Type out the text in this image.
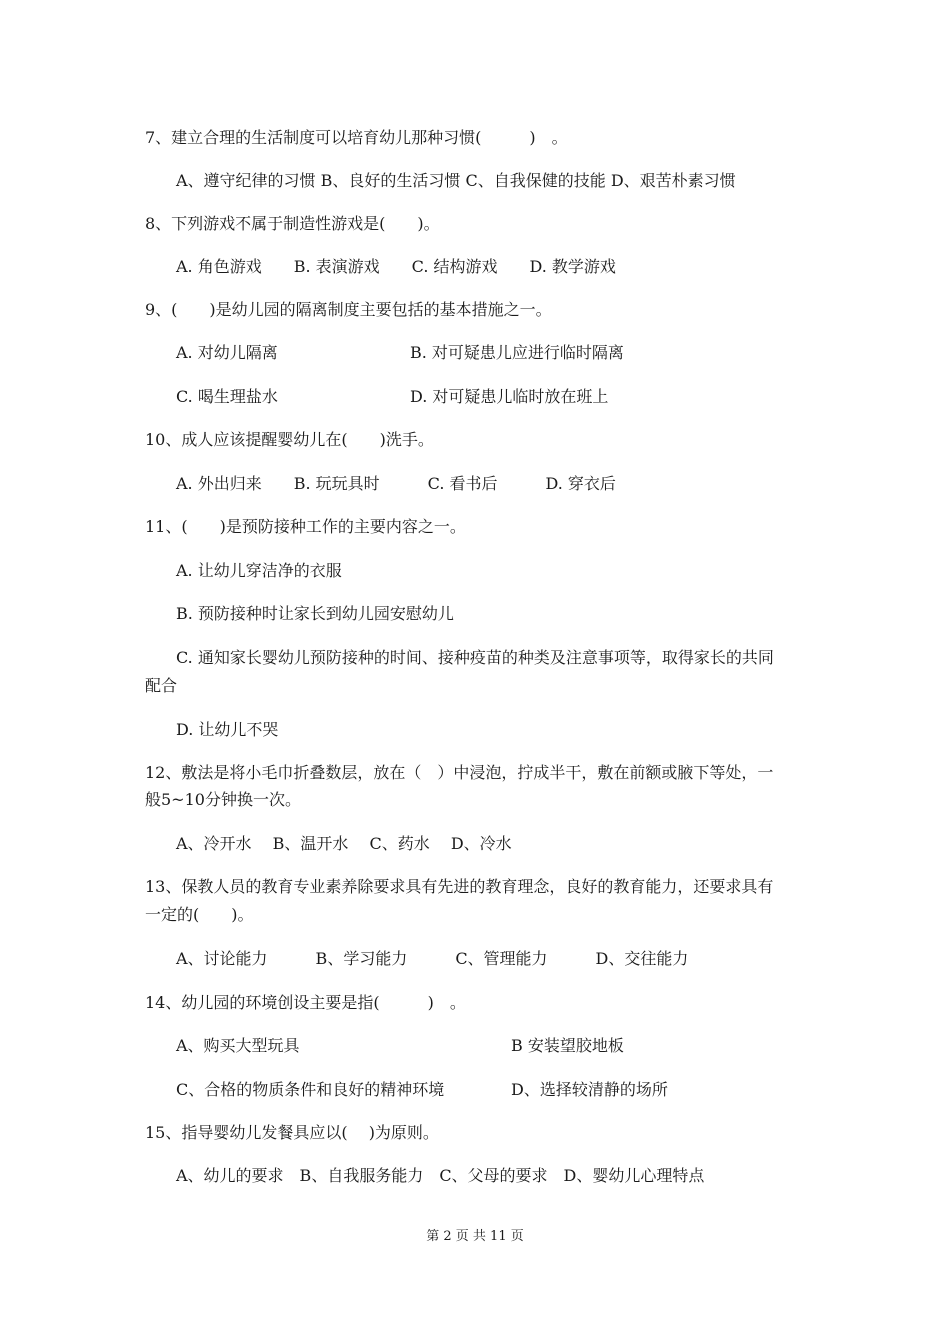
7、建立合理的生活制度可以培育幼儿那种习惯(　　　)　。
A、遵守纪律的习惯 B、良好的生活习惯 C、自我保健的技能 D、艰苦朴素习惯
8、下列游戏不属于制造性游戏是(　　)。
A. 角色游戏　　B. 表演游戏　　C. 结构游戏　　D. 教学游戏
9、(　　)是幼儿园的隔离制度主要包括的基本措施之一。
A. 对幼儿隔离	B. 对可疑患儿应进行临时隔离
C. 喝生理盐水	D. 对可疑患儿临时放在班上
10、成人应该提醒婴幼儿在(　　)洗手。
A. 外出归来　　B. 玩玩具时　　　C. 看书后　　　D. 穿衣后
11、(　　)是预防接种工作的主要内容之一。
A. 让幼儿穿洁净的衣服
B. 预防接种时让家长到幼儿园安慰幼儿
C. 通知家长婴幼儿预防接种的时间、接种疫苗的种类及注意事项等，取得家长的共同
配合
D. 让幼儿不哭
12、敷法是将小毛巾折叠数层，放在（　）中浸泡，拧成半干，敷在前额或腋下等处，一
般5~10分钟换一次。
A、冷开水　 B、温开水　 C、药水　 D、冷水
13、保教人员的教育专业素养除要求具有先进的教育理念，良好的教育能力，还要求具有
一定的(　　)。
A、讨论能力　　　B、学习能力　　　C、管理能力　　　D、交往能力
14、幼儿园的环境创设主要是指(　　　)　。
A、购买大型玩具	B 安装望胶地板
C、合格的物质条件和良好的精神环境	D、选择较清静的场所
15、指导婴幼儿发餐具应以(　 )为原则。
A、幼儿的要求　B、自我服务能力　C、父母的要求　D、婴幼儿心理特点
第 2 页 共 11 页
